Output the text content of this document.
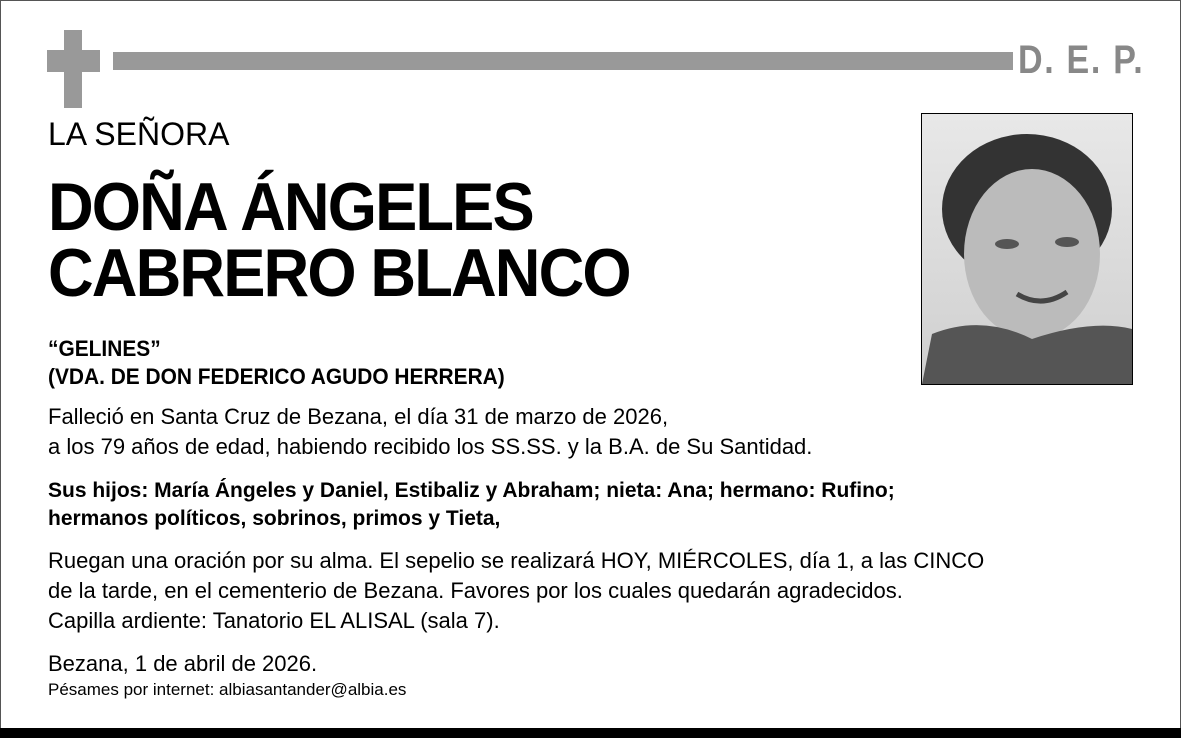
D. E. P.
LA SEÑORA
DOÑA ÁNGELES
CABRERO BLANCO
“GELINES”
(VDA. DE DON FEDERICO AGUDO HERRERA)
Falleció en Santa Cruz de Bezana, el día 31 de marzo de 2026,
a los 79 años de edad, habiendo recibido los SS.SS. y la B.A. de Su Santidad.
Sus hijos: María Ángeles y Daniel, Estibaliz y Abraham; nieta: Ana; hermano: Rufino;
hermanos políticos, sobrinos, primos y Tieta,
Ruegan una oración por su alma. El sepelio se realizará HOY, MIÉRCOLES, día 1, a las CINCO
de la tarde, en el cementerio de Bezana. Favores por los cuales quedarán agradecidos.
Capilla ardiente: Tanatorio EL ALISAL (sala 7).
Bezana, 1 de abril de 2026.
Pésames por internet: albiasantander@albia.es
